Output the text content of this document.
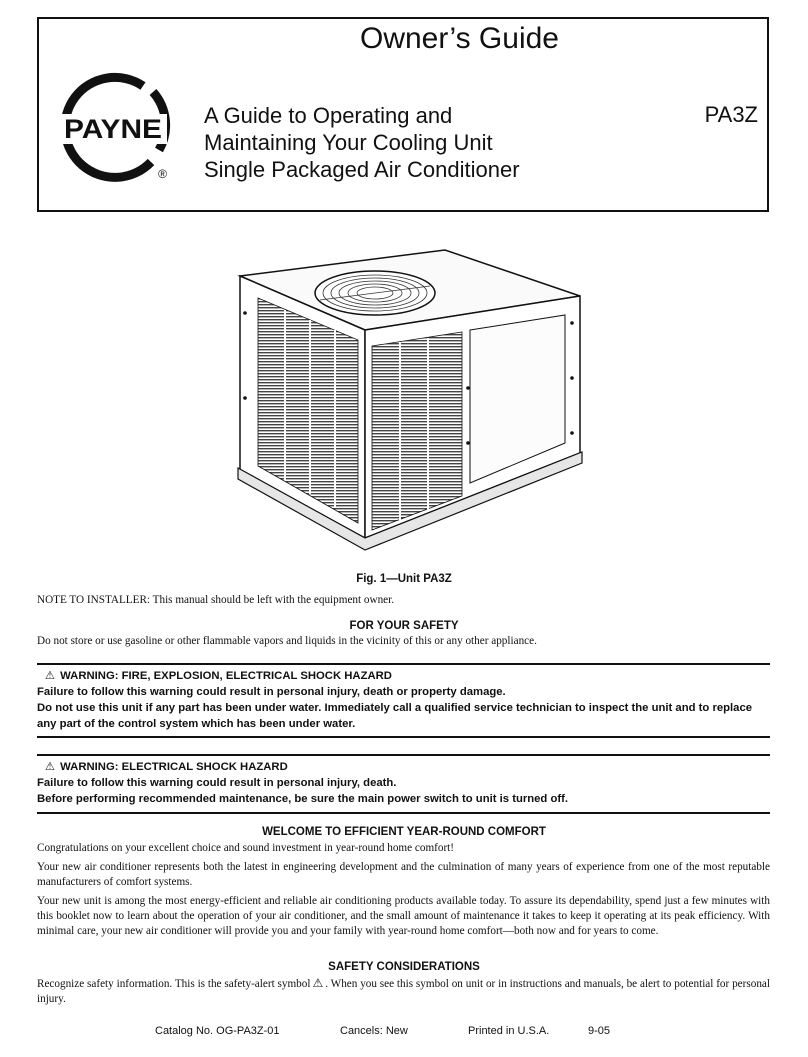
Owner’s Guide
PAYNE
®
A Guide to Operating and
Maintaining Your Cooling Unit
Single Packaged Air Conditioner
PA3Z
Fig. 1—Unit PA3Z
NOTE TO INSTALLER: This manual should be left with the equipment owner.
FOR YOUR SAFETY
Do not store or use gasoline or other flammable vapors and liquids in the vicinity of this or any other appliance.
⚠ WARNING: FIRE, EXPLOSION, ELECTRICAL SHOCK HAZARD
Failure to follow this warning could result in personal injury, death or property damage.
Do not use this unit if any part has been under water. Immediately call a qualified service technician to inspect the unit and to replace any part of the control system which has been under water.
⚠ WARNING: ELECTRICAL SHOCK HAZARD
Failure to follow this warning could result in personal injury, death.
Before performing recommended maintenance, be sure the main power switch to unit is turned off.
WELCOME TO EFFICIENT YEAR-ROUND COMFORT
Congratulations on your excellent choice and sound investment in year-round home comfort!
Your new air conditioner represents both the latest in engineering development and the culmination of many years of experience from one of the most reputable manufacturers of comfort systems.
Your new unit is among the most energy-efficient and reliable air conditioning products available today. To assure its dependability, spend just a few minutes with this booklet now to learn about the operation of your air conditioner, and the small amount of maintenance it takes to keep it operating at its peak efficiency. With minimal care, your new air conditioner will provide you and your family with year-round home comfort—both now and for years to come.
SAFETY CONSIDERATIONS
Recognize safety information. This is the safety-alert symbol ⚠ . When you see this symbol on unit or in instructions and manuals, be alert to potential for personal injury.
Catalog No. OG-PA3Z-01	Cancels: New	Printed in U.S.A.	9-05
